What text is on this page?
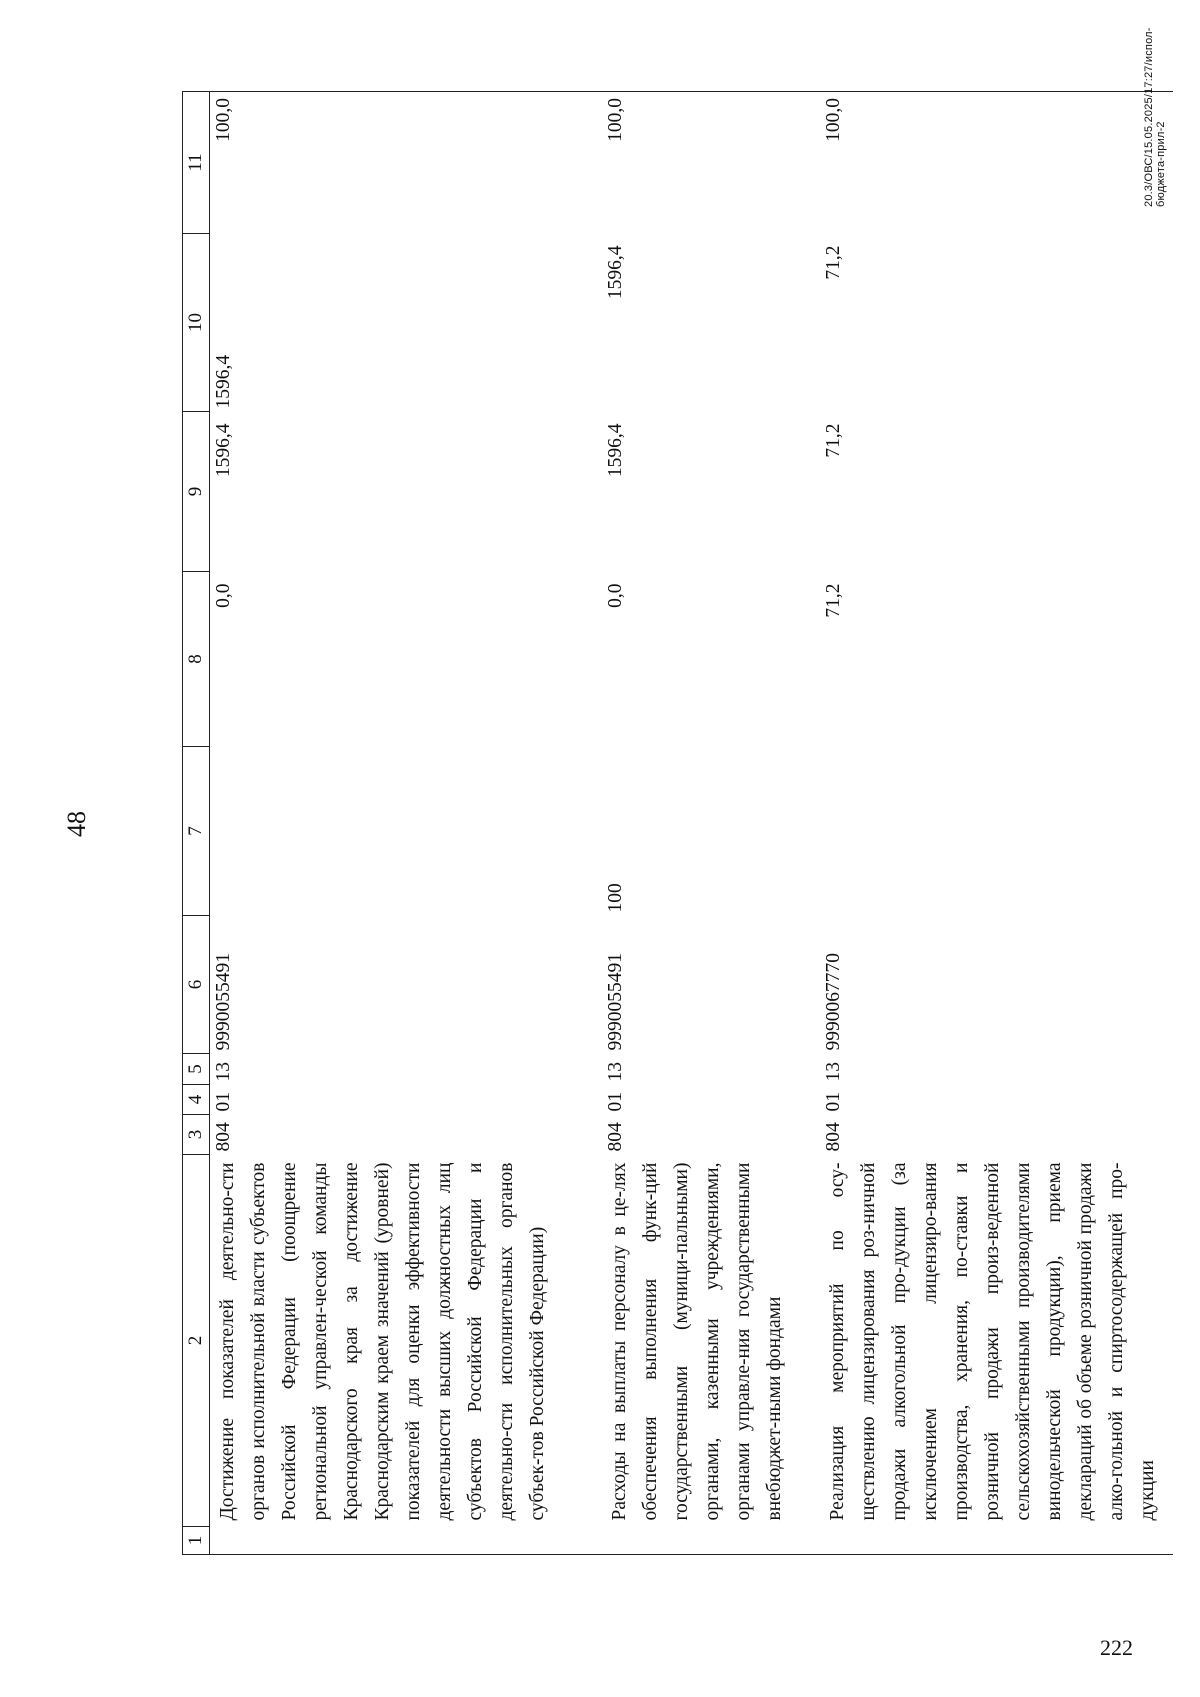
48
1	2	3	4	5	6	7	8	9	10	11
	Достижение показателей деятельно-сти органов исполнительной власти субъектов Российской Федерации (поощрение региональной управлен-ческой команды Краснодарского края за достижение Краснодарским краем значений (уровней) показателей для оценки эффективности деятельности высших должностных лиц субъектов Российской Федерации и деятельно-сти исполнительных органов субъек-тов Российской Федерации)	804	01	13	9990055491		0,0	1596,4	1596,4	100,0
	Расходы на выплаты персоналу в це-лях обеспечения выполнения функ-ций государственными (муници-пальными) органами, казенными учреждениями, органами управле-ния государственными внебюджет-ными фондами	804	01	13	9990055491	100	0,0	1596,4	1596,4	100,0
	Реализация мероприятий по осу-ществлению лицензирования роз-ничной продажи алкогольной про-дукции (за исключением лицензиро-вания производства, хранения, по-ставки и розничной продажи произ-веденной сельскохозяйственными производителями винодельческой продукции), приема деклараций об объеме розничной продажи алко-гольной и спиртосодержащей про-дукции	804	01	13	9990067770		71,2	71,2	71,2	100,0	20.3/ОВС/15.05.2025/17:27/испол-бюджета-прил-2
222
